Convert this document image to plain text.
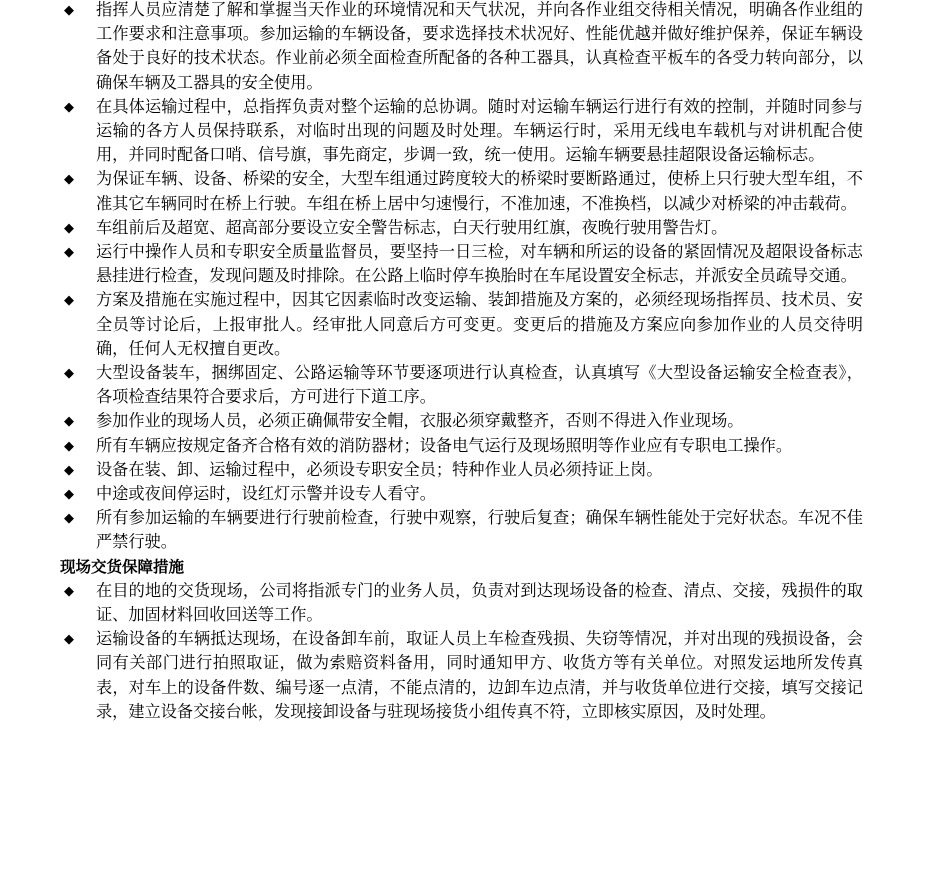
◆ 指挥人员应清楚了解和掌握当天作业的环境情况和天气状况，并向各作业组交待相关情况，明确各作业组的工作要求和注意事项。参加运输的车辆设备，要求选择技术状况好、性能优越并做好维护保养，保证车辆设备处于良好的技术状态。作业前必须全面检查所配备的各种工器具，认真检查平板车的各受力转向部分，以确保车辆及工器具的安全使用。
◆ 在具体运输过程中，总指挥负责对整个运输的总协调。随时对运输车辆运行进行有效的控制，并随时同参与运输的各方人员保持联系，对临时出现的问题及时处理。车辆运行时，采用无线电车载机与对讲机配合使用，并同时配备口哨、信号旗，事先商定，步调一致，统一使用。运输车辆要悬挂超限设备运输标志。
◆ 为保证车辆、设备、桥梁的安全，大型车组通过跨度较大的桥梁时要断路通过，使桥上只行驶大型车组，不准其它车辆同时在桥上行驶。车组在桥上居中匀速慢行，不准加速，不准换档，以减少对桥梁的冲击载荷。
◆ 车组前后及超宽、超高部分要设立安全警告标志，白天行驶用红旗，夜晚行驶用警告灯。
◆ 运行中操作人员和专职安全质量监督员，要坚持一日三检，对车辆和所运的设备的紧固情况及超限设备标志悬挂进行检查，发现问题及时排除。在公路上临时停车换胎时在车尾设置安全标志，并派安全员疏导交通。
◆ 方案及措施在实施过程中，因其它因素临时改变运输、装卸措施及方案的，必须经现场指挥员、技术员、安全员等讨论后，上报审批人。经审批人同意后方可变更。变更后的措施及方案应向参加作业的人员交待明确，任何人无权擅自更改。
◆ 大型设备装车，捆绑固定、公路运输等环节要逐项进行认真检查，认真填写《大型设备运输安全检查表》，各项检查结果符合要求后，方可进行下道工序。
◆ 参加作业的现场人员，必须正确佩带安全帽，衣服必须穿戴整齐，否则不得进入作业现场。
◆ 所有车辆应按规定备齐合格有效的消防器材；设备电气运行及现场照明等作业应有专职电工操作。
◆ 设备在装、卸、运输过程中，必须设专职安全员；特种作业人员必须持证上岗。
◆ 中途或夜间停运时，设红灯示警并设专人看守。
◆ 所有参加运输的车辆要进行行驶前检查，行驶中观察，行驶后复查；确保车辆性能处于完好状态。车况不佳严禁行驶。
现场交货保障措施
◆ 在目的地的交货现场，公司将指派专门的业务人员，负责对到达现场设备的检查、清点、交接，残损件的取证、加固材料回收回送等工作。
◆ 运输设备的车辆抵达现场，在设备卸车前，取证人员上车检查残损、失窃等情况，并对出现的残损设备，会同有关部门进行拍照取证，做为索赔资料备用，同时通知甲方、收货方等有关单位。对照发运地所发传真表，对车上的设备件数、编号逐一点清，不能点清的，边卸车边点清，并与收货单位进行交接，填写交接记录，建立设备交接台帐，发现接卸设备与驻现场接货小组传真不符，立即核实原因，及时处理。
